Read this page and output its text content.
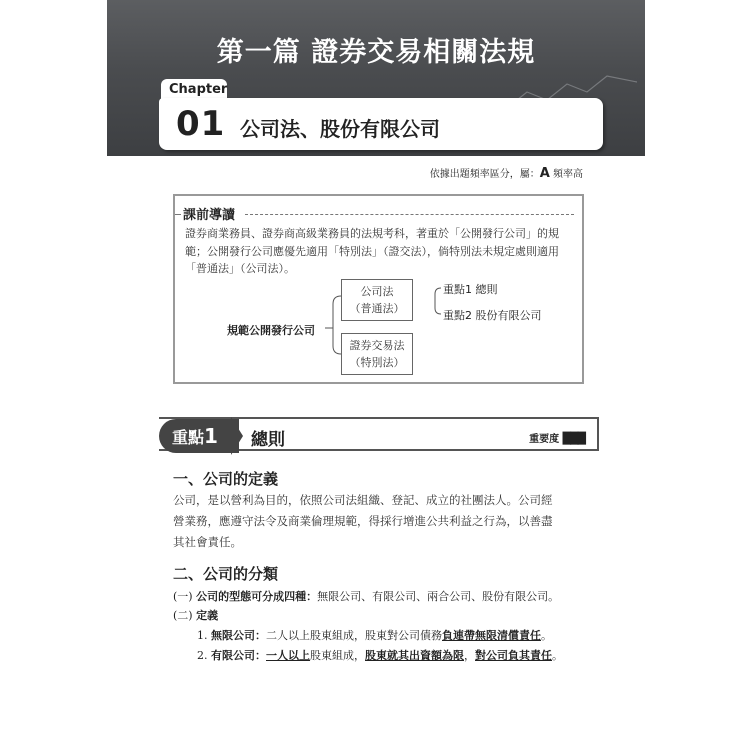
第一篇 證券交易相關法規
Chapter
01 公司法、股份有限公司
依據出題頻率區分，屬：A 頻率高
課前導讀
證券商業務員、證券商高級業務員的法規考科，著重於「公開發行公司」的規
範；公開發行公司應優先適用「特別法」（證交法），倘特別法未規定處則適用
「普通法」（公司法）。
規範公開發行公司
公司法
（普通法）
證券交易法
（特別法）
重點1 總則
重點2 股份有限公司
重點1	總則	重要度 ███
一、公司的定義
公司，是以營利為目的，依照公司法組織、登記、成立的社團法人。公司經
營業務，應遵守法令及商業倫理規範，得採行增進公共利益之行為，以善盡
其社會責任。
二、公司的分類
(一) 公司的型態可分成四種：無限公司、有限公司、兩合公司、股份有限公司。
(二) 定義
1. 無限公司：二人以上股東組成，股東對公司債務負連帶無限清償責任。
2. 有限公司：一人以上股東組成，股東就其出資額為限，對公司負其責任。
